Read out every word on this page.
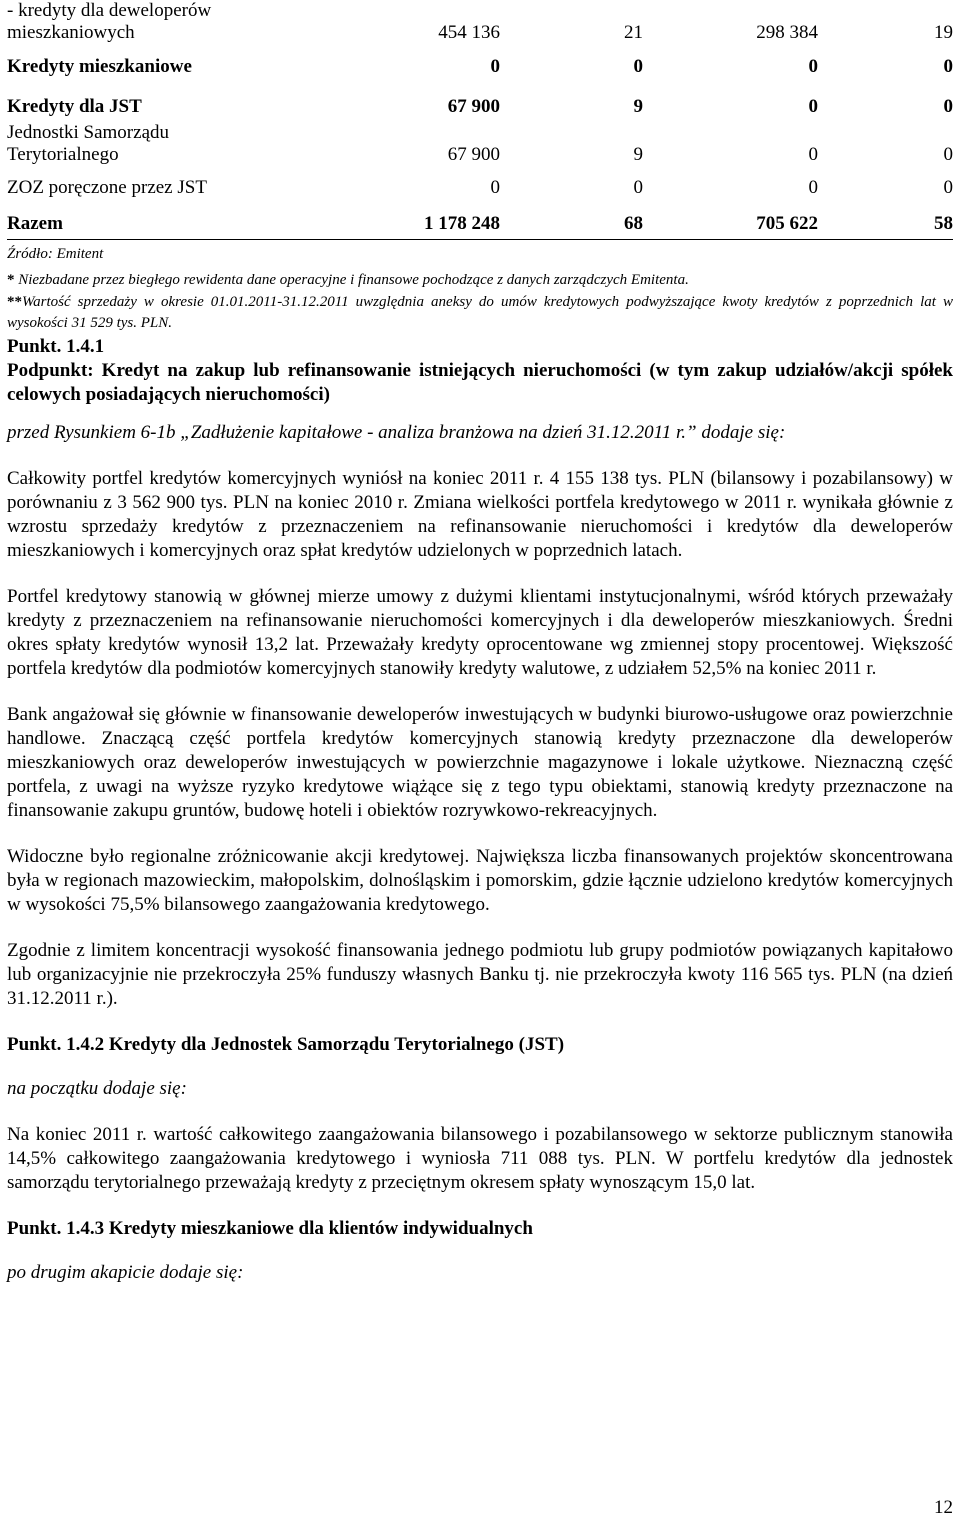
- kredyty dla deweloperów
mieszkaniowych	454 136	21	298 384	19
Kredyty mieszkaniowe	0	0	0	0
Kredyty dla JST	67 900	9	0	0

Jednostki Samorządu
Terytorialnego	67 900	9	0	0
ZOZ poręczone przez JST	0	0	0	0
Razem	1 178 248	68	705 622	58
Źródło: Emitent

* Niezbadane przez biegłego rewidenta dane operacyjne i finansowe pochodzące z danych zarządczych Emitenta.

**Wartość sprzedaży w okresie 01.01.2011-31.12.2011 uwzględnia aneksy do umów kredytowych podwyższające kwoty kredytów z poprzednich lat w wysokości 31 529 tys. PLN.

Punkt. 1.4.1

Podpunkt: Kredyt na zakup lub refinansowanie istniejących nieruchomości (w tym zakup udziałów/akcji spółek celowych posiadających nieruchomości)

przed Rysunkiem 6-1b „Zadłużenie kapitałowe - analiza branżowa na dzień 31.12.2011 r.” dodaje się:

Całkowity portfel kredytów komercyjnych wyniósł na koniec 2011 r. 4 155 138 tys. PLN (bilansowy i pozabilansowy) w porównaniu z 3 562 900 tys. PLN na koniec 2010 r. Zmiana wielkości portfela kredytowego w 2011 r. wynikała głównie z wzrostu sprzedaży kredytów z przeznaczeniem na refinansowanie nieruchomości i kredytów dla deweloperów mieszkaniowych i komercyjnych oraz spłat kredytów udzielonych w poprzednich latach.

Portfel kredytowy stanowią w głównej mierze umowy z dużymi klientami instytucjonalnymi, wśród których przeważały kredyty z przeznaczeniem na refinansowanie nieruchomości komercyjnych i dla deweloperów mieszkaniowych. Średni okres spłaty kredytów wynosił 13,2 lat. Przeważały kredyty oprocentowane wg zmiennej stopy procentowej. Większość portfela kredytów dla podmiotów komercyjnych stanowiły kredyty walutowe, z udziałem 52,5% na koniec 2011 r.

Bank angażował się głównie w finansowanie deweloperów inwestujących w budynki biurowo-usługowe oraz powierzchnie handlowe. Znaczącą część portfela kredytów komercyjnych stanowią kredyty przeznaczone dla deweloperów mieszkaniowych oraz deweloperów inwestujących w powierzchnie magazynowe i lokale użytkowe. Nieznaczną część portfela, z uwagi na wyższe ryzyko kredytowe wiążące się z tego typu obiektami, stanowią kredyty przeznaczone na finansowanie zakupu gruntów, budowę hoteli i obiektów rozrywkowo-rekreacyjnych.

Widoczne było regionalne zróżnicowanie akcji kredytowej. Największa liczba finansowanych projektów skoncentrowana była w regionach mazowieckim, małopolskim, dolnośląskim i pomorskim, gdzie łącznie udzielono kredytów komercyjnych w wysokości 75,5% bilansowego zaangażowania kredytowego.

Zgodnie z limitem koncentracji wysokość finansowania jednego podmiotu lub grupy podmiotów powiązanych kapitałowo lub organizacyjnie nie przekroczyła 25% funduszy własnych Banku tj. nie przekroczyła kwoty 116 565 tys. PLN (na dzień 31.12.2011 r.).

Punkt. 1.4.2 Kredyty dla Jednostek Samorządu Terytorialnego (JST)

na początku dodaje się:

Na koniec 2011 r. wartość całkowitego zaangażowania bilansowego i pozabilansowego w sektorze publicznym stanowiła 14,5% całkowitego zaangażowania kredytowego i wyniosła 711 088 tys. PLN. W portfelu kredytów dla jednostek samorządu terytorialnego przeważają kredyty z przeciętnym okresem spłaty wynoszącym 15,0 lat.

Punkt. 1.4.3 Kredyty mieszkaniowe dla klientów indywidualnych

po drugim akapicie dodaje się:

12
